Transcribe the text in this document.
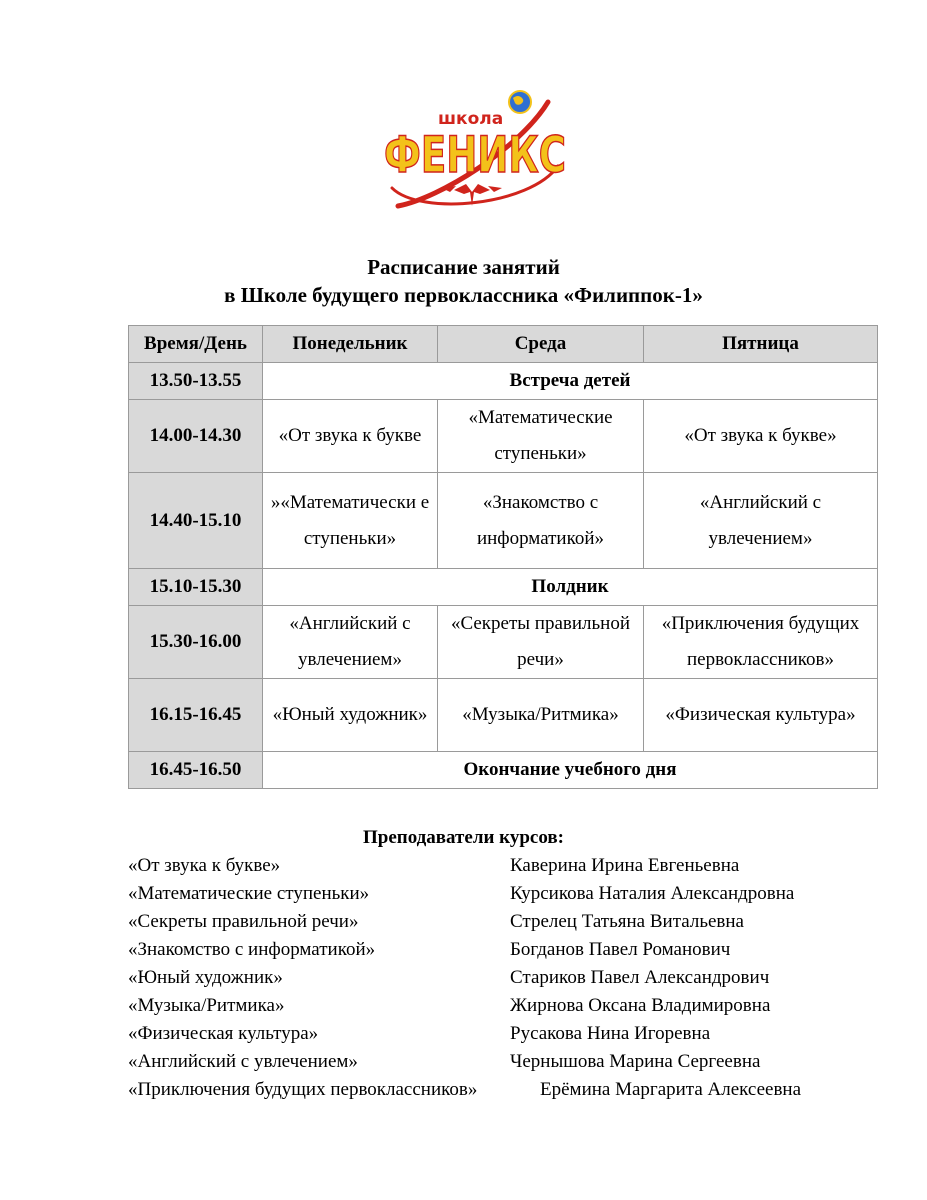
школа
ФЕНИКС
Расписание занятий
в Школе будущего первоклассника «Филиппок-1»
Время/День	Понедельник	Среда	Пятница
13.50-13.55	Встреча детей		
14.00-14.30	«От звука к букве	«Математические ступеньки»	«От звука к букве»
14.40-15.10	»«Математически е ступеньки»	«Знакомство с информатикой»	«Английский с увлечением»
15.10-15.30	Полдник		
15.30-16.00	«Английский с увлечением»	«Секреты правильной речи»	«Приключения будущих первоклассников»
16.15-16.45	«Юный художник»	«Музыка/Ритмика»	«Физическая культура»
16.45-16.50	Окончание учебного дня		
Преподаватели курсов:
«От звука к букве»	Каверина Ирина Евгеньевна
«Математические ступеньки»	Курсикова Наталия Александровна
«Секреты правильной речи»	Стрелец Татьяна Витальевна
«Знакомство с информатикой»	Богданов Павел Романович
«Юный художник»	Стариков Павел Александрович
«Музыка/Ритмика»	Жирнова Оксана Владимировна
«Физическая культура»	Русакова Нина Игоревна
«Английский с увлечением»	Чернышова Марина Сергеевна
«Приключения будущих первоклассников»	Ерёмина Маргарита Алексеевна
